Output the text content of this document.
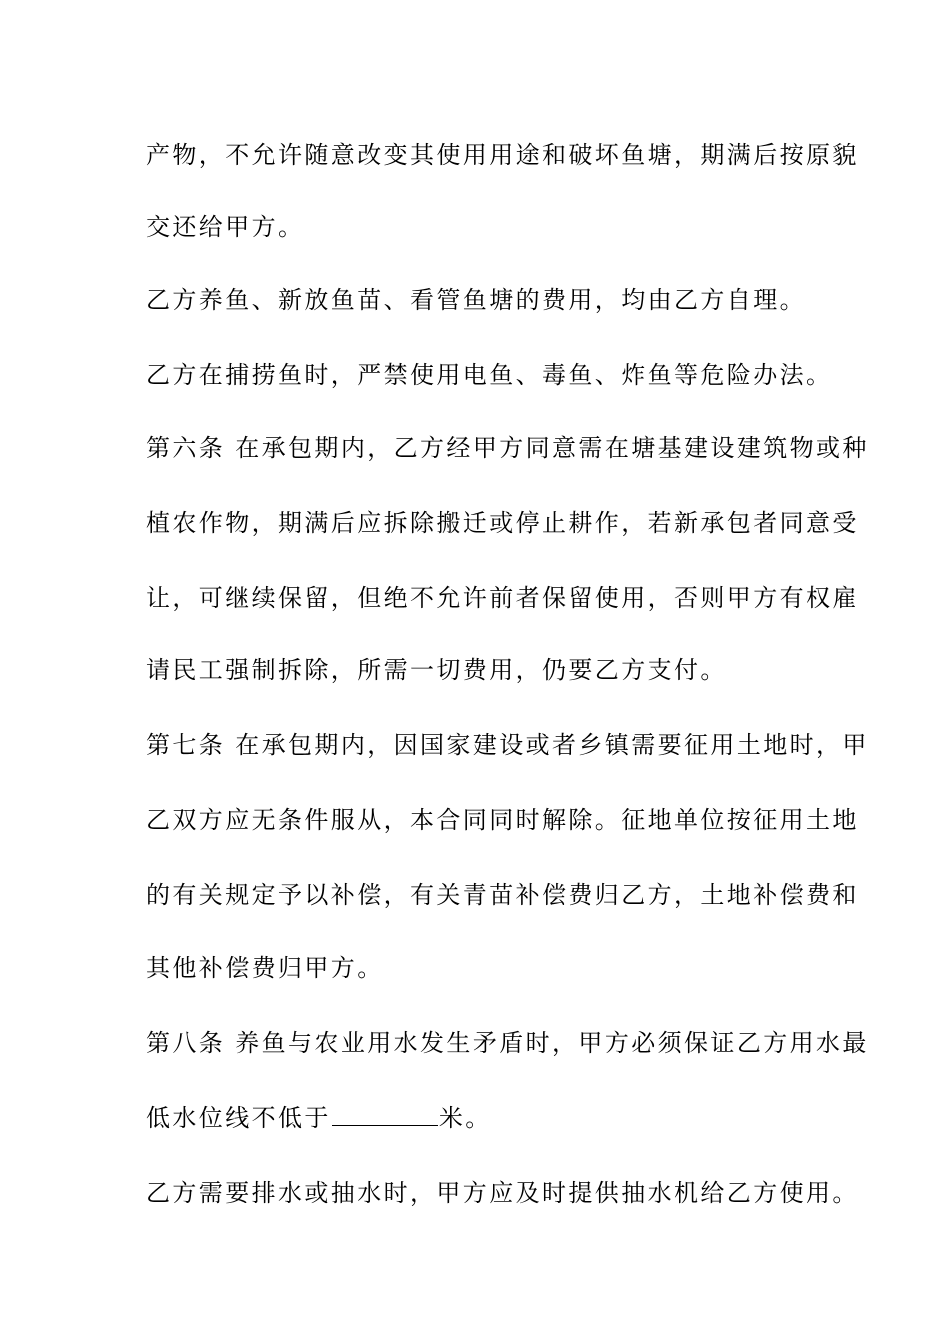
产物，不允许随意改变其使用用途和破坏鱼塘，期满后按原貌
交还给甲方。
乙方养鱼、新放鱼苗、看管鱼塘的费用，均由乙方自理。
乙方在捕捞鱼时，严禁使用电鱼、毒鱼、炸鱼等危险办法。
第六条 在承包期内，乙方经甲方同意需在塘基建设建筑物或种
植农作物，期满后应拆除搬迁或停止耕作，若新承包者同意受
让，可继续保留，但绝不允许前者保留使用，否则甲方有权雇
请民工强制拆除，所需一切费用，仍要乙方支付。
第七条 在承包期内，因国家建设或者乡镇需要征用土地时，甲
乙双方应无条件服从，本合同同时解除。征地单位按征用土地
的有关规定予以补偿，有关青苗补偿费归乙方，土地补偿费和
其他补偿费归甲方。
第八条 养鱼与农业用水发生矛盾时，甲方必须保证乙方用水最
低水位线不低于	米。
乙方需要排水或抽水时，甲方应及时提供抽水机给乙方使用。
